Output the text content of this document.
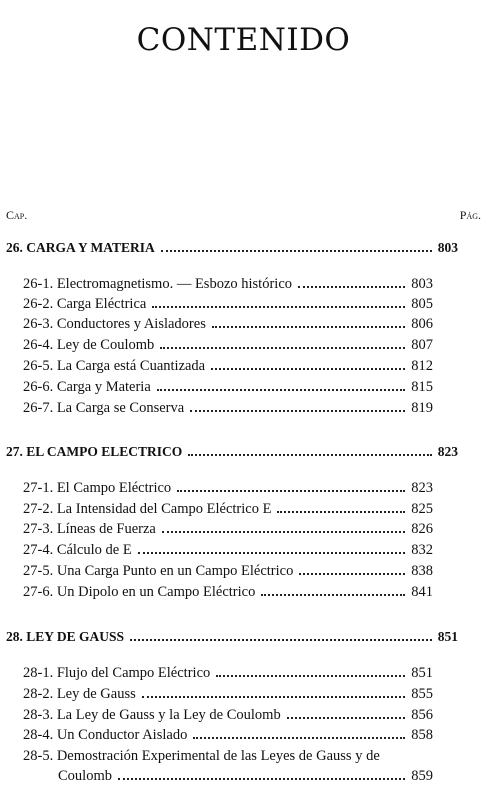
CONTENIDO
Cap.	Pág.
26. CARGA Y MATERIA	803
26-1. Electromagnetismo. — Esbozo histórico	803
26-2. Carga Eléctrica	805
26-3. Conductores y Aisladores	806
26-4. Ley de Coulomb	807
26-5. La Carga está Cuantizada	812
26-6. Carga y Materia	815
26-7. La Carga se Conserva	819
27. EL CAMPO ELECTRICO	823
27-1. El Campo Eléctrico	823
27-2. La Intensidad del Campo Eléctrico E	825
27-3. Líneas de Fuerza	826
27-4. Cálculo de E	832
27-5. Una Carga Punto en un Campo Eléctrico	838
27-6. Un Dipolo en un Campo Eléctrico	841
28. LEY DE GAUSS	851
28-1. Flujo del Campo Eléctrico	851
28-2. Ley de Gauss	855
28-3. La Ley de Gauss y la Ley de Coulomb	856
28-4. Un Conductor Aislado	858
28-5. Demostración Experimental de las Leyes de Gauss y de
Coulomb	859
